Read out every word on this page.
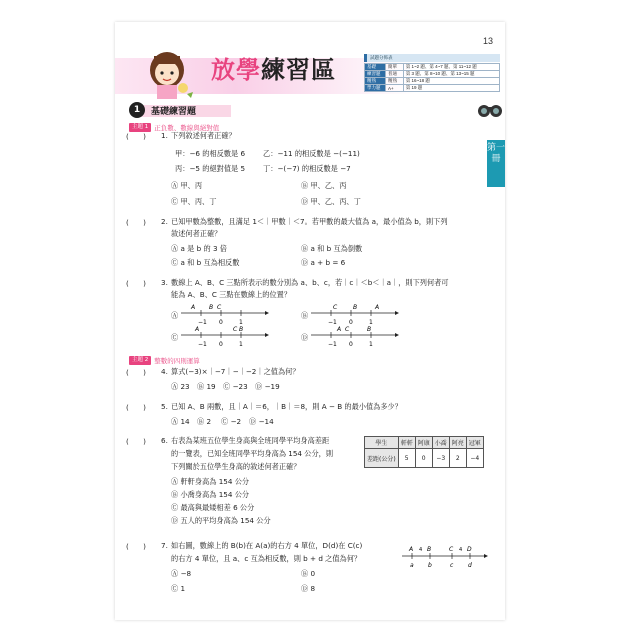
13
放學練習區	試題分佈表
基礎	簡單	第 1~2 題、第 4~7 題、第 11~12 題
練習題	普通	第 3 題、第 8~10 題、第 13~15 題
精熟	精熟	第 16~18 題
學力題	A+	第 19 題
第一冊
1	基礎練習題
主題 1 正負數、數線與絕對值
(　　) 1. 下列敘述何者正確？
甲：−6 的相反數是 6 乙：−11 的相反數是 −(−11)
丙：−5 的絕對值是 5 丁：−(−7) 的相反數是 −7
Ⓐ 甲、丙	Ⓑ 甲、乙、丙
Ⓒ 甲、丙、丁	Ⓓ 甲、乙、丙、丁
(　　) 2. 已知甲數為整數，且滿足 1＜｜甲數｜＜7。若甲數的最大值為 a，最小值為 b，則下列
敘述何者正確？
Ⓐ a 是 b 的 3 倍	Ⓑ a 和 b 互為倒數
Ⓒ a 和 b 互為相反數	Ⓓ a + b = 6
(　　) 3. 數線上 A、B、C 三點所表示的數分別為 a、b、c，若｜c｜＜b＜｜a｜，則下列何者可
能為 A、B、C 三點在數線上的位置？
Ⓐ	Ⓑ
Ⓒ	Ⓓ
−1 0	1
A B C
−1 0	1
C	B	A
−1 0	1
A	C B
−1 0	1
A C	B
主題 2 整數的四則運算
(　　) 4. 算式(−3)×｜−7｜−｜−2｜之值為何？
Ⓐ 23 Ⓑ 19 Ⓒ −23 Ⓓ −19
(　　) 5. 已知 A、B 兩數，且｜A｜＝6，｜B｜＝8，則 A − B 的最小值為多少？
Ⓐ 14 Ⓑ 2 Ⓒ −2 Ⓓ −14
(　　) 6. 右表為某班五位學生身高與全班同學平均身高差距
的一覽表，已知全班同學平均身高為 154 公分，則
下列關於五位學生身高的敘述何者正確？
Ⓐ 軒軒身高為 154 公分
Ⓑ 小喬身高為 154 公分
Ⓒ 最高與最矮相差 6 公分
Ⓓ 五人的平均身高為 154 公分
學生	軒軒	阿康	小喬	阿亮	冠軍
差距(公分)	5	0	−3	2	−4
(　　) 7. 如右圖，數線上的 B(b)在 A(a)的右方 4 單位，D(d)在 C(c)
的右方 4 單位，且 a、c 互為相反數，則 b + d 之值為何？
Ⓐ −8	Ⓑ 0
Ⓒ 1	Ⓓ 8
A 4 B	C 4 D
a b	c d
